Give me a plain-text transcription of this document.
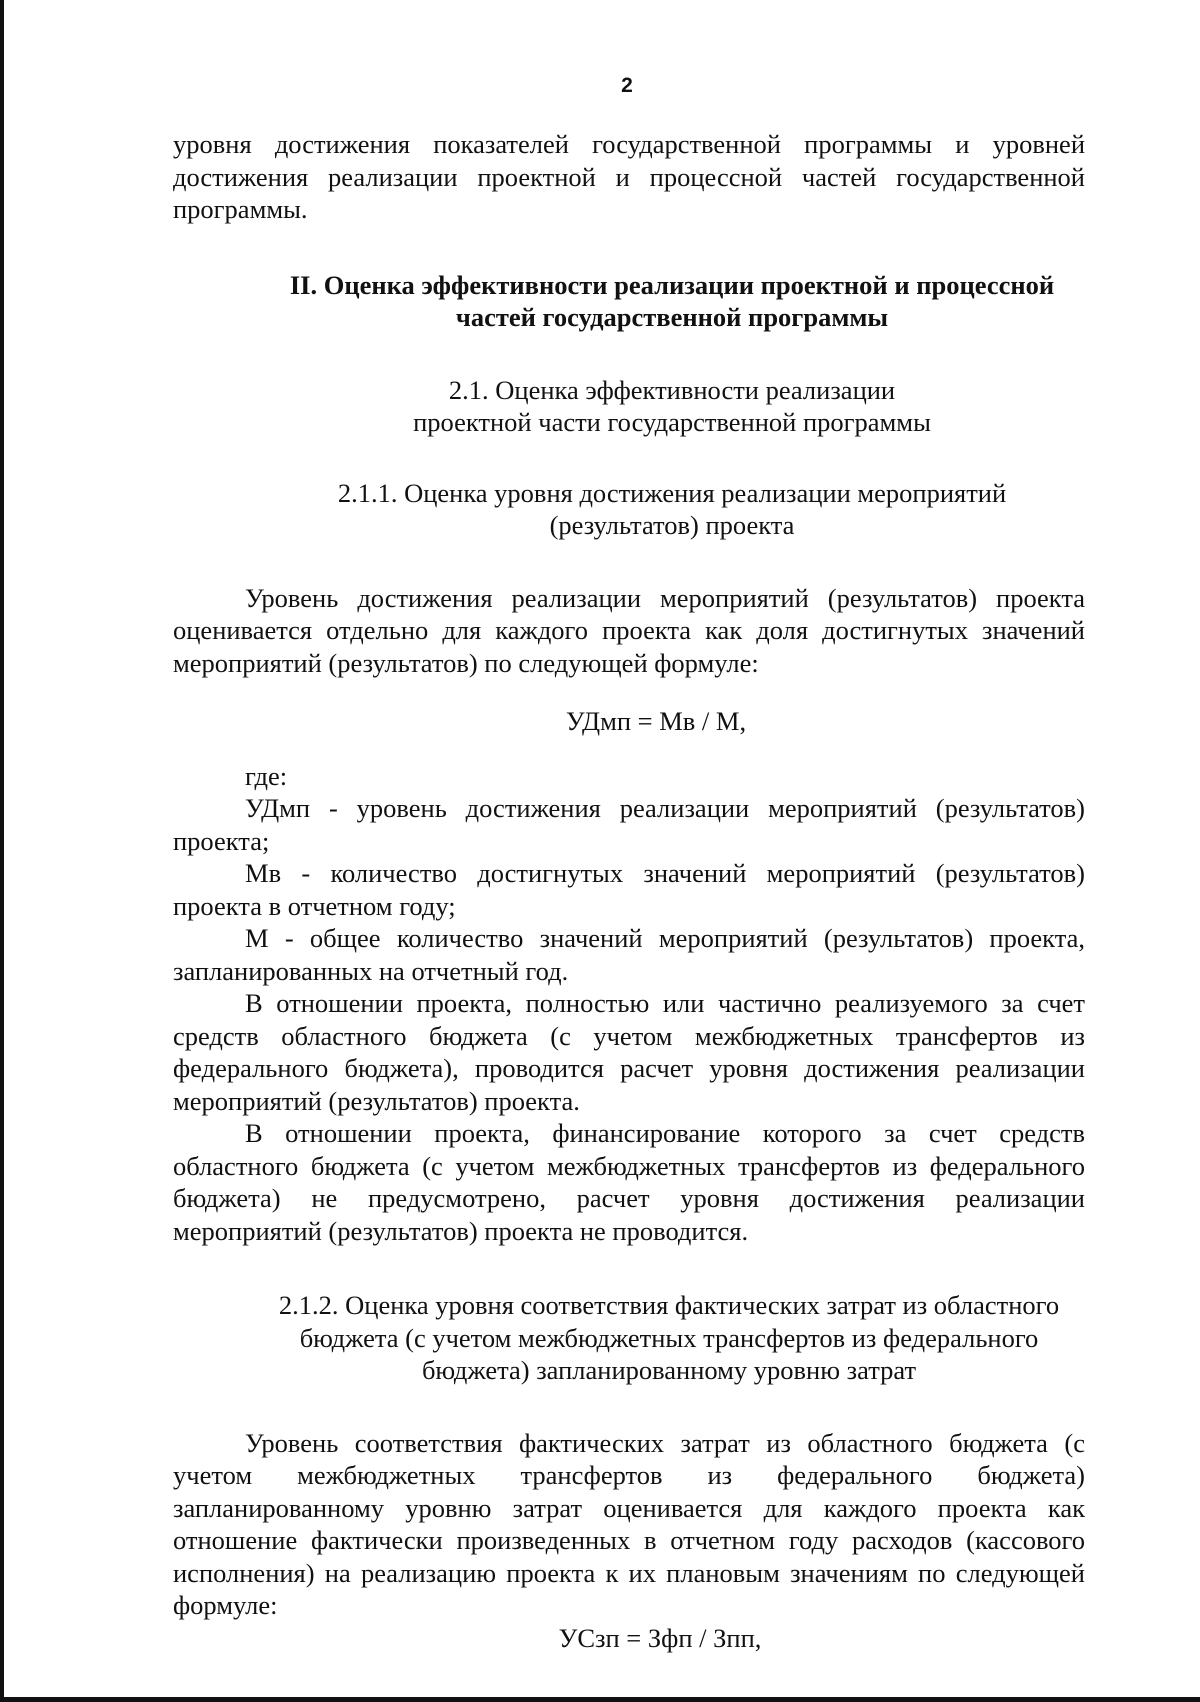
2

уровня достижения показателей государственной программы и уровней достижения реализации проектной и процессной частей государственной программы.

II. Оценка эффективности реализации проектной и процессной
частей государственной программы
2.1. Оценка эффективности реализации
проектной части государственной программы
2.1.1. Оценка уровня достижения реализации мероприятий
(результатов) проекта

Уровень достижения реализации мероприятий (результатов) проекта оценивается отдельно для каждого проекта как доля достигнутых значений мероприятий (результатов) по следующей формуле:

УДмп = Мв / М,

где:

УДмп - уровень достижения реализации мероприятий (результатов) проекта;

Мв - количество достигнутых значений мероприятий (результатов) проекта в отчетном году;

М - общее количество значений мероприятий (результатов) проекта, запланированных на отчетный год.

В отношении проекта, полностью или частично реализуемого за счет средств областного бюджета (с учетом межбюджетных трансфертов из федерального бюджета), проводится расчет уровня достижения реализации мероприятий (результатов) проекта.

В отношении проекта, финансирование которого за счет средств областного бюджета (с учетом межбюджетных трансфертов из федерального бюджета) не предусмотрено, расчет уровня достижения реализации мероприятий (результатов) проекта не проводится.

2.1.2. Оценка уровня соответствия фактических затрат из областного
бюджета (с учетом межбюджетных трансфертов из федерального
бюджета) запланированному уровню затрат

Уровень соответствия фактических затрат из областного бюджета (с учетом межбюджетных трансфертов из федерального бюджета) запланированному уровню затрат оценивается для каждого проекта как отношение фактически произведенных в отчетном году расходов (кассового исполнения) на реализацию проекта к их плановым значениям по следующей формуле:

УСзп = Зфп / Зпп,
